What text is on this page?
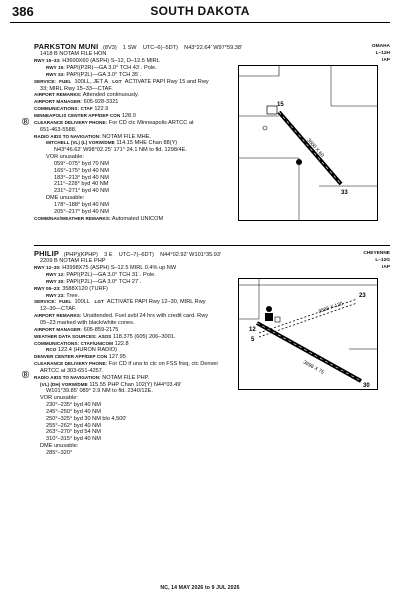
386	SOUTH DAKOTA
OMAHA
L–12H
IAP
PARKSTON MUNI (8V3) 1 SW UTC–6(–5DT) N43°22.64′ W97°59.38′
1418 B NOTAM FILE HON
RWY 15–33: H3600X60 (ASPH) S–12, D–12.5 MIRL
RWY 15: PAPI(P2R)—GA 3.0° TCH 43´. Pole.
RWY 33: PAPI(P2L)—GA 3.0° TCH 35´.
SERVICE: FUEL 100LL, JET A LGT ACTIVATE PAPI Rwy 15 and Rwy
33; MIRL Rwy 15–33—CTAF.
AIRPORT REMARKS: Attended continuously.
AIRPORT MANAGER: 605-928-3321
COMMUNICATIONS: CTAF 122.9
MINNEAPOLIS CENTER APP/DEP CON 128.0
CLEARANCE DELIVERY PHONE: For CD ctc Minneapolis ARTCC at
651-463-5588.
RADIO AIDS TO NAVIGATION: NOTAM FILE MHE.
MITCHELL (VL) (L) VORW/DME 114.15 MHE Chan 88(Y)
N43°46.62′ W98°02.25′ 171° 24.1 NM to fld. 1298/4E.
VOR unusable:
059°–075° byd 70 NM
165°–175° byd 40 NM
183°–213° byd 40 NM
211°–228° byd 40 NM
231°–271° byd 40 NM
DME unusable:
178°–188° byd 40 NM
205°–217° byd 40 NM
COMM/NAV/WEATHER REMARKS: Automated UNICOM
Ⓡ
15
33
3600 X 60
CHEYENNE
L–12G
IAP
PHILIP (PHP)(KPHP) 3 E UTC–7(–6DT) N44°02.92′ W101°35.93′
2209 B NOTAM FILE PHP
RWY 12–30: H3998X75 (ASPH) S–12.5 MIRL 0.4% up NW
RWY 12: PAPI(P2L)—GA 3.0° TCH 31´. Pole.
RWY 30: PAPI(P2L)—GA 3.0° TCH 27´.
RWY 05–23: 3588X120 (TURF)
RWY 23: Tree.
SERVICE: FUEL 100LL LGT ACTIVATE PAPI Rwy 12–30, MIRL Rwy
12–30—CTAF.
AIRPORT REMARKS: Unattended. Fuel avbl 24 hrs with credit card. Rwy
05–23 marked with black/white cones.
AIRPORT MANAGER: 605-859-2175
WEATHER DATA SOURCES: ASOS 118.375 (605) 206–3001.
COMMUNICATIONS: CTAF/UNICOM 122.8
RCO 122.4 (HURON RADIO)
DENVER CENTER APP/DEP CON 127.95
CLEARANCE DELIVERY PHONE: For CD if una to ctc on FSS freq, ctc Denver
ARTCC at 303-651-4257.
RADIO AIDS TO NAVIGATION: NOTAM FILE PHP.
(VL) (DH) VORW/DME 115.55 PHP Chan 102(Y) N44°03.49′
W101°39.85′ 089° 2.9 NM to fld. 2340/12E.
VOR unusable:
230°–235° byd 40 NM
245°–250° byd 40 NM
250°–325° byd 30 NM blo 4,500′
255°–262° byd 40 NM
263°–270° byd 54 NM
310°–315° byd 40 NM
DME unusable:
285°–320°
Ⓡ
12
30
5
23
3588 X 120
3998 X 75
NC, 14 MAY 2026 to 9 JUL 2026
